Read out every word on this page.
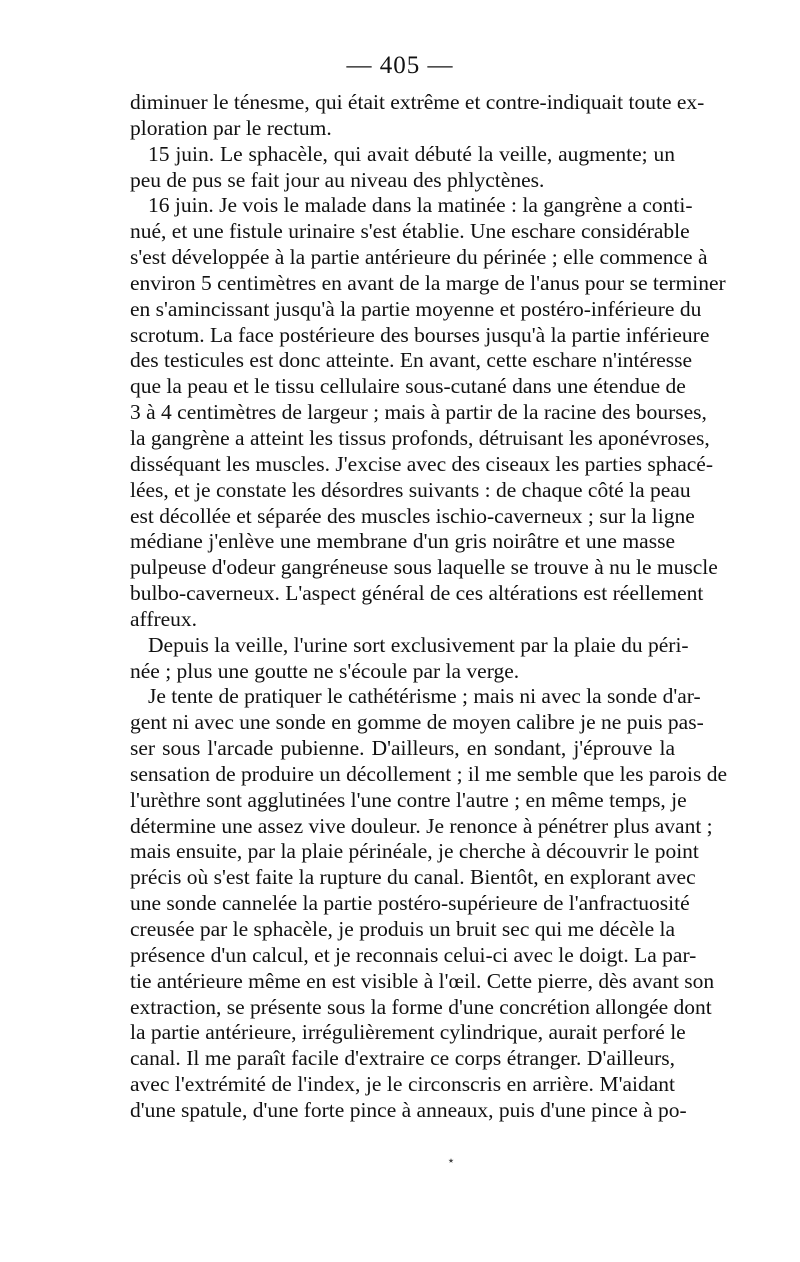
— 405 —
diminuer le ténesme, qui était extrême et contre-indiquait toute ex-
ploration par le rectum.
15 juin. Le sphacèle, qui avait débuté la veille, augmente; un
peu de pus se fait jour au niveau des phlyctènes.
16 juin. Je vois le malade dans la matinée : la gangrène a conti-
nué, et une fistule urinaire s'est établie. Une eschare considérable
s'est développée à la partie antérieure du périnée ; elle commence à
environ 5 centimètres en avant de la marge de l'anus pour se terminer
en s'amincissant jusqu'à la partie moyenne et postéro-inférieure du
scrotum. La face postérieure des bourses jusqu'à la partie inférieure
des testicules est donc atteinte. En avant, cette eschare n'intéresse
que la peau et le tissu cellulaire sous-cutané dans une étendue de
3 à 4 centimètres de largeur ; mais à partir de la racine des bourses,
la gangrène a atteint les tissus profonds, détruisant les aponévroses,
disséquant les muscles. J'excise avec des ciseaux les parties sphacé-
lées, et je constate les désordres suivants : de chaque côté la peau
est décollée et séparée des muscles ischio-caverneux ; sur la ligne
médiane j'enlève une membrane d'un gris noirâtre et une masse
pulpeuse d'odeur gangréneuse sous laquelle se trouve à nu le muscle
bulbo-caverneux. L'aspect général de ces altérations est réellement
affreux.
Depuis la veille, l'urine sort exclusivement par la plaie du péri-
née ; plus une goutte ne s'écoule par la verge.
Je tente de pratiquer le cathétérisme ; mais ni avec la sonde d'ar-
gent ni avec une sonde en gomme de moyen calibre je ne puis pas-
ser sous l'arcade pubienne. D'ailleurs, en sondant, j'éprouve la
sensation de produire un décollement ; il me semble que les parois de
l'urèthre sont agglutinées l'une contre l'autre ; en même temps, je
détermine une assez vive douleur. Je renonce à pénétrer plus avant ;
mais ensuite, par la plaie périnéale, je cherche à découvrir le point
précis où s'est faite la rupture du canal. Bientôt, en explorant avec
une sonde cannelée la partie postéro-supérieure de l'anfractuosité
creusée par le sphacèle, je produis un bruit sec qui me décèle la
présence d'un calcul, et je reconnais celui-ci avec le doigt. La par-
tie antérieure même en est visible à l'œil. Cette pierre, dès avant son
extraction, se présente sous la forme d'une concrétion allongée dont
la partie antérieure, irrégulièrement cylindrique, aurait perforé le
canal. Il me paraît facile d'extraire ce corps étranger. D'ailleurs,
avec l'extrémité de l'index, je le circonscris en arrière. M'aidant
d'une spatule, d'une forte pince à anneaux, puis d'une pince à po-
٭
